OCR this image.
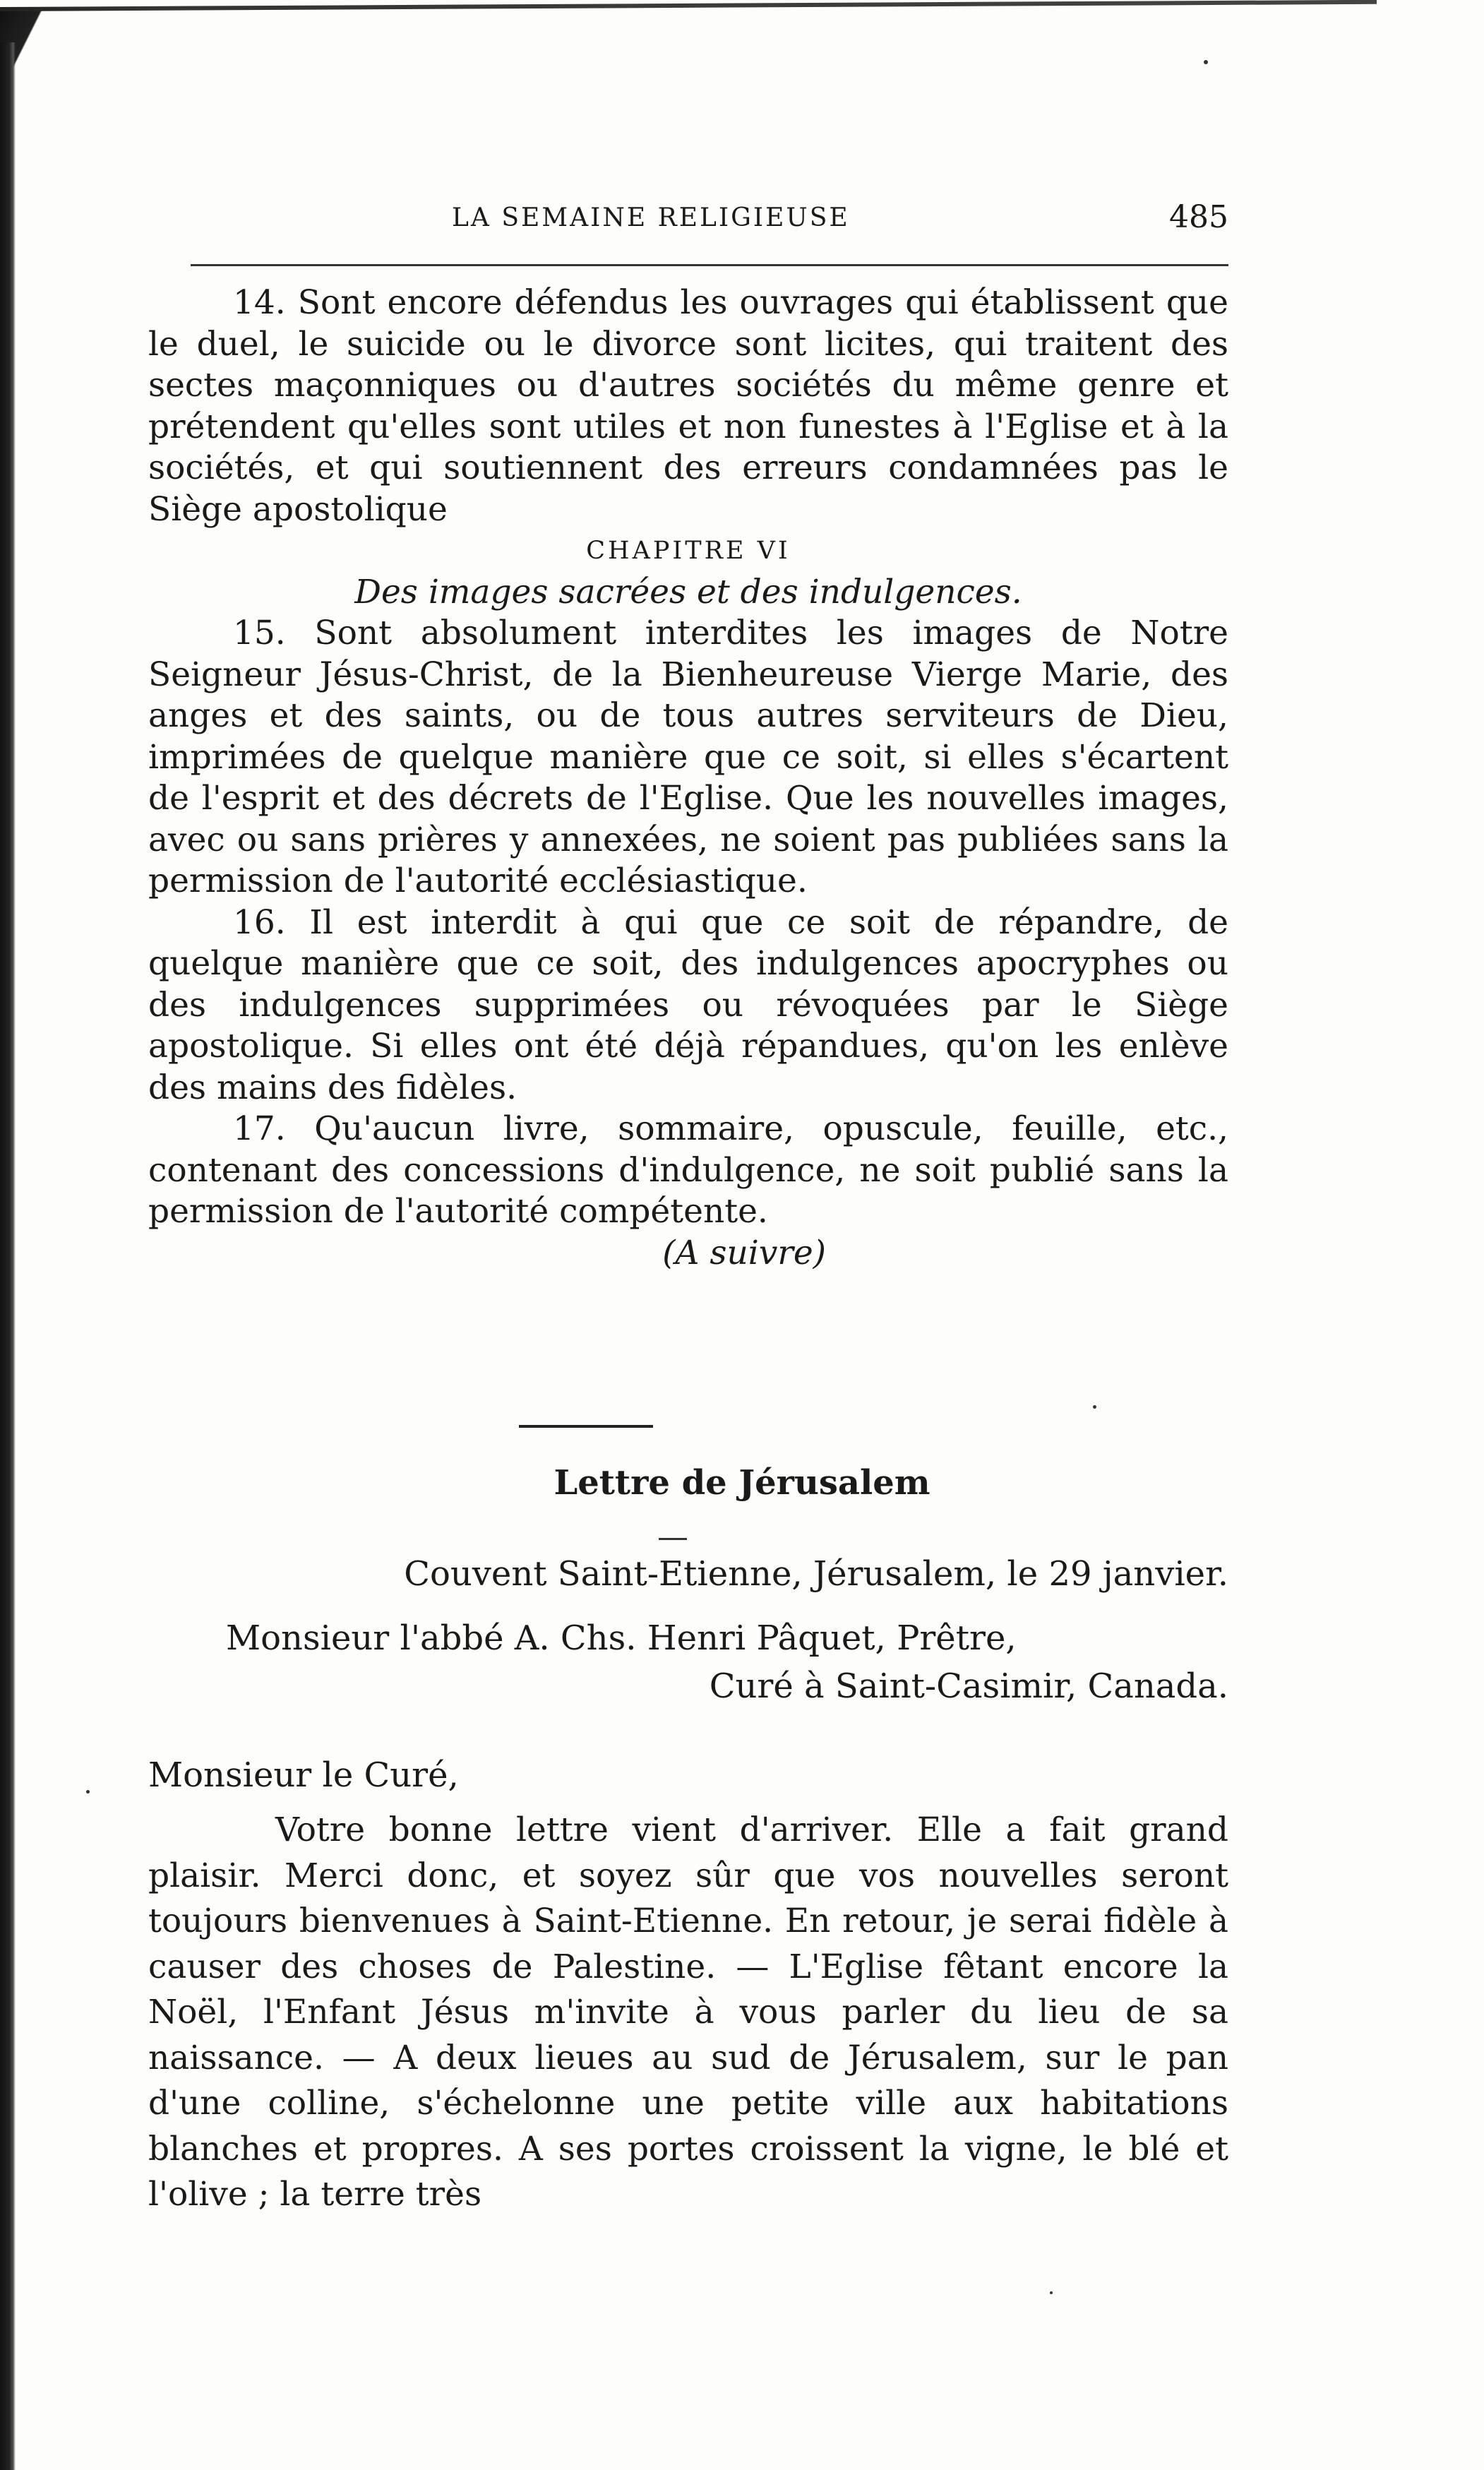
LA SEMAINE RELIGIEUSE	485

14. Sont encore défendus les ouvrages qui établissent que le duel, le suicide ou le divorce sont licites, qui traitent des sectes maçonniques ou d'autres sociétés du même genre et prétendent qu'elles sont utiles et non funestes à l'Eglise et à la sociétés, et qui soutiennent des erreurs condamnées pas le Siège apostolique

CHAPITRE VI

Des images sacrées et des indulgences.

15. Sont absolument interdites les images de Notre Seigneur Jésus-Christ, de la Bienheureuse Vierge Marie, des anges et des saints, ou de tous autres serviteurs de Dieu, imprimées de quelque manière que ce soit, si elles s'écartent de l'esprit et des décrets de l'Eglise. Que les nouvelles images, avec ou sans prières y annexées, ne soient pas publiées sans la permission de l'autorité ecclésiastique.

16. Il est interdit à qui que ce soit de répandre, de quelque manière que ce soit, des indulgences apocryphes ou des indulgences supprimées ou révoquées par le Siège apostolique. Si elles ont été déjà répandues, qu'on les enlève des mains des fidèles.

17. Qu'aucun livre, sommaire, opuscule, feuille, etc., contenant des concessions d'indulgence, ne soit publié sans la permission de l'autorité compétente.

(A suivre)

Lettre de Jérusalem
Couvent Saint-Etienne, Jérusalem, le 29 janvier.
Monsieur l'abbé A. Chs. Henri Pâquet, Prêtre,
Curé à Saint-Casimir, Canada.
Monsieur le Curé,

Votre bonne lettre vient d'arriver. Elle a fait grand plaisir. Merci donc, et soyez sûr que vos nouvelles seront toujours bienvenues à Saint-Etienne. En retour, je serai fidèle à causer des choses de Palestine. — L'Eglise fêtant encore la Noël, l'Enfant Jésus m'invite à vous parler du lieu de sa naissance. — A deux lieues au sud de Jérusalem, sur le pan d'une colline, s'échelonne une petite ville aux habitations blanches et propres. A ses portes croissent la vigne, le blé et l'olive ; la terre très
